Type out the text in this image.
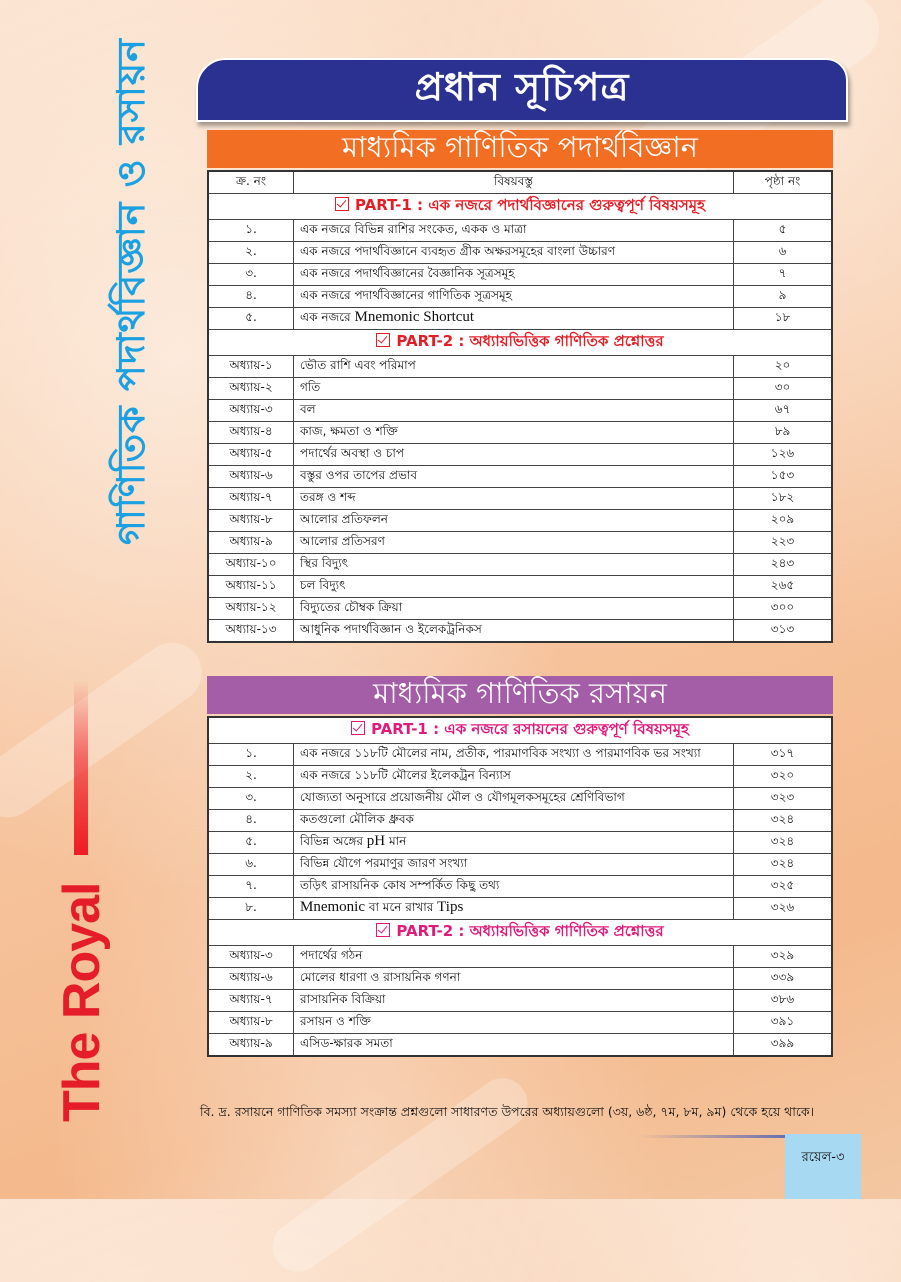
গাণিতিক পদার্থবিজ্ঞান ও রসায়ন
The Royal
প্রধান সূচিপত্র
মাধ্যমিক গাণিতিক পদার্থবিজ্ঞান
ক্র. নং	বিষয়বস্তু	পৃষ্ঠা নং
PART-1 : এক নজরে পদার্থবিজ্ঞানের গুরুত্বপূর্ণ বিষয়সমূহ		
১.	এক নজরে বিভিন্ন রাশির সংকেত, একক ও মাত্রা	৫
২.	এক নজরে পদার্থবিজ্ঞানে ব্যবহৃত গ্রীক অক্ষরসমূহের বাংলা উচ্চারণ	৬
৩.	এক নজরে পদার্থবিজ্ঞানের বৈজ্ঞানিক সূত্রসমূহ	৭
৪.	এক নজরে পদার্থবিজ্ঞানের গাণিতিক সূত্রসমূহ	৯
৫.	এক নজরে Mnemonic Shortcut	১৮
PART-2 : অধ্যায়ভিত্তিক গাণিতিক প্রশ্নোত্তর		
অধ্যায়-১	ভৌত রাশি এবং পরিমাপ	২০
অধ্যায়-২	গতি	৩০
অধ্যায়-৩	বল	৬৭
অধ্যায়-৪	কাজ, ক্ষমতা ও শক্তি	৮৯
অধ্যায়-৫	পদার্থের অবস্থা ও চাপ	১২৬
অধ্যায়-৬	বস্তুর ওপর তাপের প্রভাব	১৫৩
অধ্যায়-৭	তরঙ্গ ও শব্দ	১৮২
অধ্যায়-৮	আলোর প্রতিফলন	২০৯
অধ্যায়-৯	আলোর প্রতিসরণ	২২৩
অধ্যায়-১০	স্থির বিদ্যুৎ	২৪৩
অধ্যায়-১১	চল বিদ্যুৎ	২৬৫
অধ্যায়-১২	বিদ্যুতের চৌম্বক ক্রিয়া	৩০০
অধ্যায়-১৩	আধুনিক পদার্থবিজ্ঞান ও ইলেকট্রনিকস	৩১৩
মাধ্যমিক গাণিতিক রসায়ন
PART-1 : এক নজরে রসায়নের গুরুত্বপূর্ণ বিষয়সমূহ		
১.	এক নজরে ১১৮টি মৌলের নাম, প্রতীক, পারমাণবিক সংখ্যা ও পারমাণবিক ভর সংখ্যা	৩১৭
২.	এক নজরে ১১৮টি মৌলের ইলেকট্রন বিন্যাস	৩২০
৩.	যোজ্যতা অনুসারে প্রয়োজনীয় মৌল ও যৌগমূলকসমূহের শ্রেণিবিভাগ	৩২৩
৪.	কতগুলো মৌলিক ধ্রুবক	৩২৪
৫.	বিভিন্ন অঙ্গের pH মান	৩২৪
৬.	বিভিন্ন যৌগে পরমাণুর জারণ সংখ্যা	৩২৪
৭.	তড়িৎ রাসায়নিক কোষ সম্পর্কিত কিছু তথ্য	৩২৫
৮.	Mnemonic বা মনে রাখার Tips	৩২৬
PART-2 : অধ্যায়ভিত্তিক গাণিতিক প্রশ্নোত্তর		
অধ্যায়-৩	পদার্থের গঠন	৩২৯
অধ্যায়-৬	মোলের ধারণা ও রাসায়নিক গণনা	৩৩৯
অধ্যায়-৭	রাসায়নিক বিক্রিয়া	৩৮৬
অধ্যায়-৮	রসায়ন ও শক্তি	৩৯১
অধ্যায়-৯	এসিড-ক্ষারক সমতা	৩৯৯
বি. দ্র. রসায়নে গাণিতিক সমস্যা সংক্রান্ত প্রশ্নগুলো সাধারণত উপরের অধ্যায়গুলো (৩য়, ৬ষ্ঠ, ৭ম, ৮ম, ৯ম) থেকে হয়ে থাকে।
রয়েল-৩
